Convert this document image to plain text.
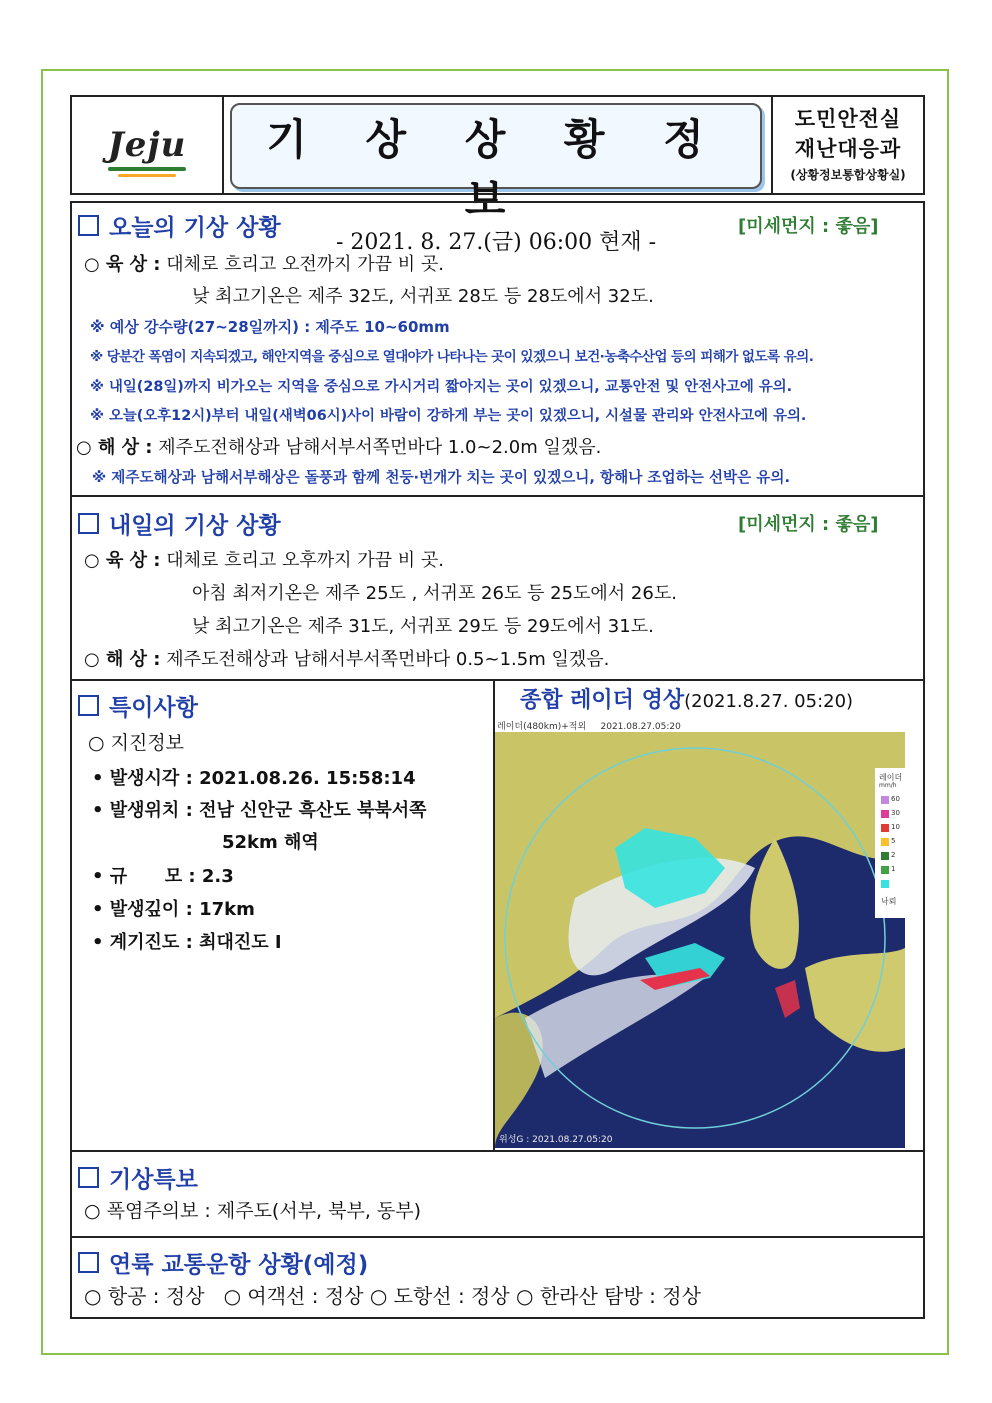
Jeju	기 상 상 황 정 보
- 2021. 8. 27.(금) 06:00 현재 -
도민안전실
재난대응과
(상황정보통합상황실)
오늘의 기상 상황	[미세먼지 : 좋음]
○ 육 상 : 대체로 흐리고 오전까지 가끔 비 곳.
낮 최고기온은 제주 32도, 서귀포 28도 등 28도에서 32도.
※ 예상 강수량(27~28일까지) : 제주도 10~60mm
※ 당분간 폭염이 지속되겠고, 해안지역을 중심으로 열대야가 나타나는 곳이 있겠으니 보건·농축수산업 등의 피해가 없도록 유의.
※ 내일(28일)까지 비가오는 지역을 중심으로 가시거리 짧아지는 곳이 있겠으니, 교통안전 및 안전사고에 유의.
※ 오늘(오후12시)부터 내일(새벽06시)사이 바람이 강하게 부는 곳이 있겠으니, 시설물 관리와 안전사고에 유의.
○ 해 상 : 제주도전해상과 남해서부서쪽먼바다 1.0~2.0m 일겠음.
※ 제주도해상과 남해서부해상은 돌풍과 함께 천둥·번개가 치는 곳이 있겠으니, 항해나 조업하는 선박은 유의.
내일의 기상 상황	[미세먼지 : 좋음]
○ 육 상 : 대체로 흐리고 오후까지 가끔 비 곳.
아침 최저기온은 제주 25도 , 서귀포 26도 등 25도에서 26도.
낮 최고기온은 제주 31도, 서귀포 29도 등 29도에서 31도.
○ 해 상 : 제주도전해상과 남해서부서쪽먼바다 0.5~1.5m 일겠음.
특이사항
○ 지진정보
• 발생시각 : 2021.08.26. 15:58:14
• 발생위치 : 전남 신안군 흑산도 북북서쪽
52km 해역
• 규      모 : 2.3
• 발생깊이 : 17km
• 계기진도 : 최대진도 Ⅰ
종합 레이더 영상(2021.8.27. 05:20)
레이더(480km)+적외     2021.08.27.05:20
레이더
mm/h
60
30
10
5
2
1
낙뢰
위성G : 2021.08.27.05:20
기상특보
○ 폭염주의보 : 제주도(서부, 북부, 동부)
연륙 교통운항 상황(예정)
○ 항공 : 정상   ○ 여객선 : 정상 ○ 도항선 : 정상 ○ 한라산 탐방 : 정상
